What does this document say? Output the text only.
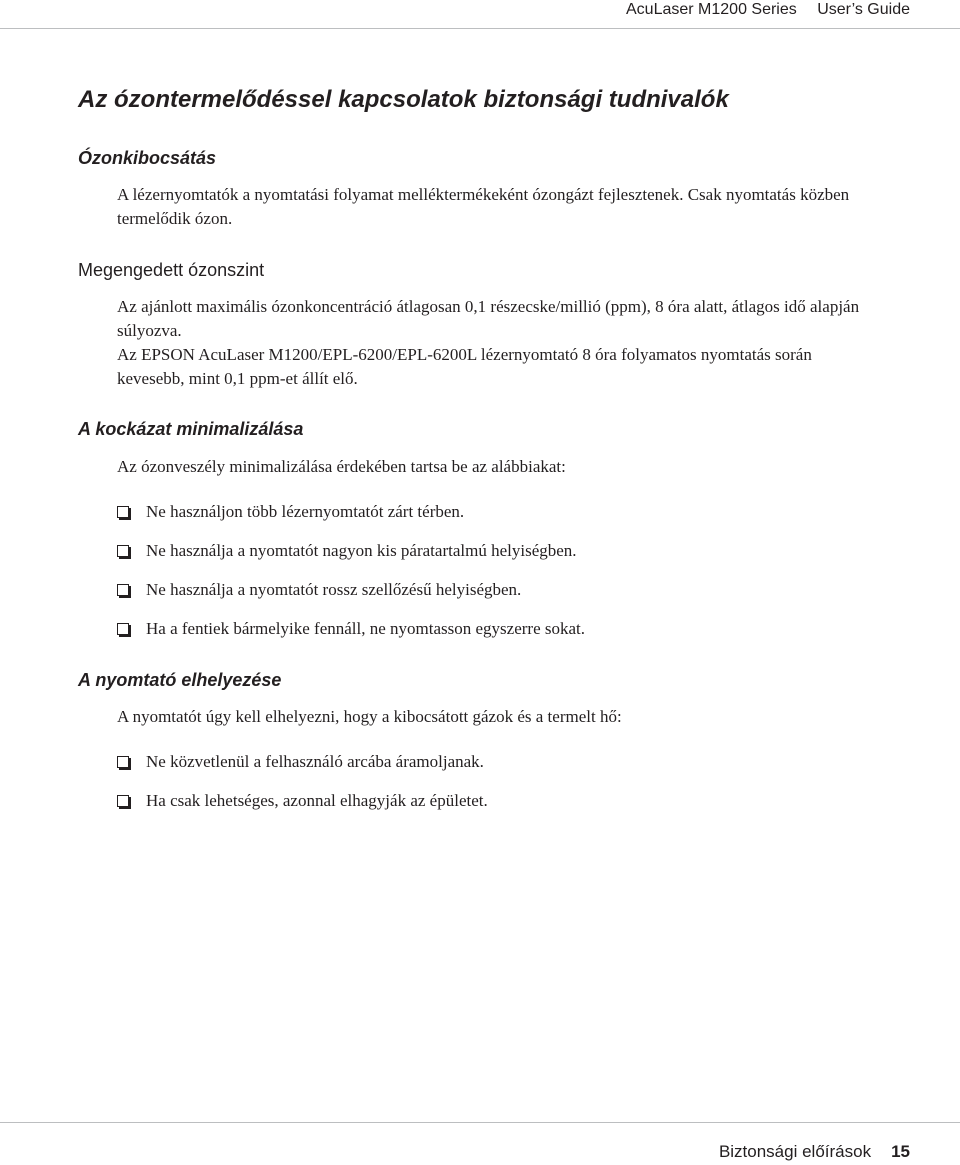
AcuLaser M1200 Series User’s Guide
Az ózontermelődéssel kapcsolatok biztonsági tudnivalók
Ózonkibocsátás

A lézernyomtatók a nyomtatási folyamat melléktermékeként ózongázt fejlesztenek. Csak nyomtatás közben termelődik ózon.

Megengedett ózonszint

Az ajánlott maximális ózonkoncentráció átlagosan 0,1 részecske/millió (ppm), 8 óra alatt, átlagos idő alapján súlyozva.

Az EPSON AcuLaser M1200/EPL-6200/EPL-6200L lézernyomtató 8 óra folyamatos nyomtatás során kevesebb, mint 0,1 ppm-et állít elő.

A kockázat minimalizálása

Az ózonveszély minimalizálása érdekében tartsa be az alábbiakat:

Ne használjon több lézernyomtatót zárt térben.
Ne használja a nyomtatót nagyon kis páratartalmú helyiségben.
Ne használja a nyomtatót rossz szellőzésű helyiségben.
Ha a fentiek bármelyike fennáll, ne nyomtasson egyszerre sokat.
A nyomtató elhelyezése

A nyomtatót úgy kell elhelyezni, hogy a kibocsátott gázok és a termelt hő:

Ne közvetlenül a felhasználó arcába áramoljanak.
Ha csak lehetséges, azonnal elhagyják az épületet.
Biztonsági előírások 15
